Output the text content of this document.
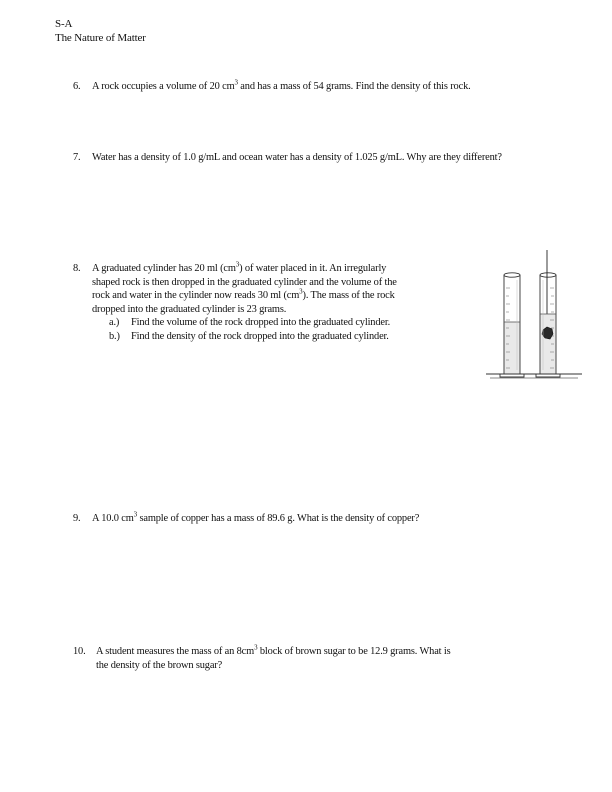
S-A
The Nature of Matter
6. A rock occupies a volume of 20 $cm^3$ and has a mass of 54 grams. Find the density of this rock.
7. Water has a density of 1.0 g/mL and ocean water has a density of 1.025 g/mL. Why are they different?
8. A graduated cylinder has 20 ml $(cm^3)$ of water placed in it. An irregularly
shaped rock is then dropped in the graduated cylinder and the volume of the
rock and water in the cylinder now reads 30 ml $(cm^3)$. The mass of the rock
dropped into the graduated cylinder is 23 grams.
a.) Find the volume of the rock dropped into the graduated cylinder.
b.) Find the density of the rock dropped into the graduated cylinder.
9. A 10.0 $cm^3$ sample of copper has a mass of 89.6 g. What is the density of copper?
10. A student measures the mass of an $8cm^3$ block of brown sugar to be 12.9 grams. What is
the density of the brown sugar?
